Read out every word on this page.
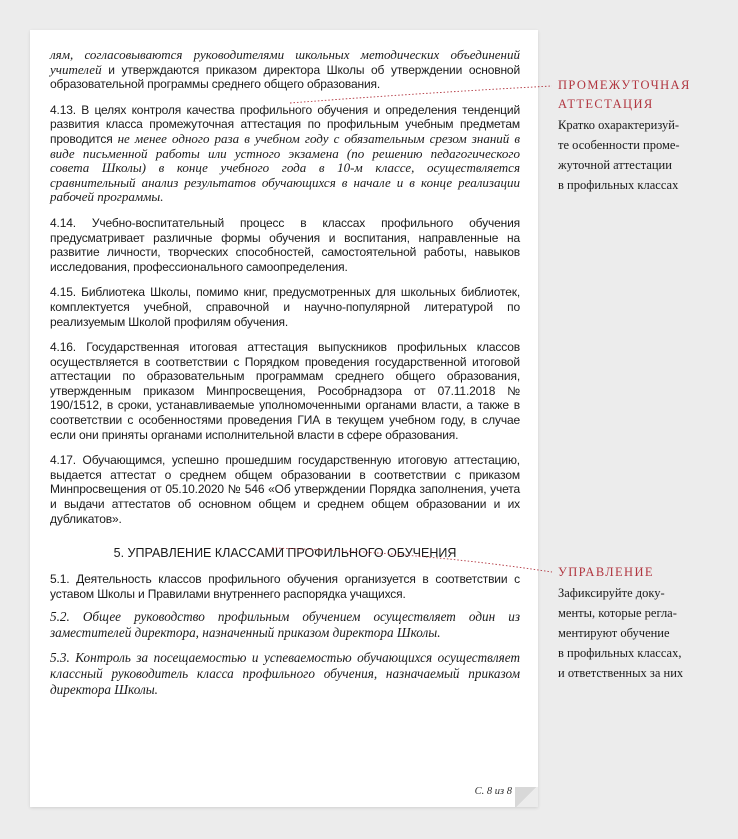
лям, согласовываются руководителями школьных методических объединений учителей и утверждаются приказом директора Школы об утверждении основной образовательной программы среднего общего образования.

4.13. В целях контроля качества профильного обучения и определения тенденций развития класса промежуточная аттестация по профильным учебным предметам проводится не менее одного раза в учебном году с обязательным срезом знаний в виде письменной работы или устного экзамена (по решению педагогического совета Школы) в конце учебного года в 10-м классе, осуществляется сравнительный анализ результатов обучающихся в начале и в конце реализации рабочей программы.

4.14. Учебно-воспитательный процесс в классах профильного обучения предусматривает различные формы обучения и воспитания, направленные на развитие личности, творческих способностей, самостоятельной работы, навыков исследования, профессионального самоопределения.

4.15. Библиотека Школы, помимо книг, предусмотренных для школьных библиотек, комплектуется учебной, справочной и научно-популярной литературой по реализуемым Школой профилям обучения.

4.16. Государственная итоговая аттестация выпускников профильных классов осуществляется в соответствии с Порядком проведения государственной итоговой аттестации по образовательным программам среднего общего образования, утвержденным приказом Минпросвещения, Рособрнадзора от 07.11.2018 № 190/1512, в сроки, устанавливаемые уполномоченными органами власти, а также в соответствии с особенностями проведения ГИА в текущем учебном году, в случае если они приняты органами исполнительной власти в сфере образования.

4.17. Обучающимся, успешно прошедшим государственную итоговую аттестацию, выдается аттестат о среднем общем образовании в соответствии с приказом Минпросвещения от 05.10.2020 № 546 «Об утверждении Порядка заполнения, учета и выдачи аттестатов об основном общем и среднем общем образовании и их дубликатов».

5. УПРАВЛЕНИЕ КЛАССАМИ ПРОФИЛЬНОГО ОБУЧЕНИЯ

5.1. Деятельность классов профильного обучения организуется в соответствии с уставом Школы и Правилами внутреннего распорядка учащихся.

5.2. Общее руководство профильным обучением осуществляет один из заместителей директора, назначенный приказом директора Школы.

5.3. Контроль за посещаемостью и успеваемостью обучающихся осуществляет классный руководитель класса профильного обучения, назначаемый приказом директора Школы.

С. 8 из 8
ПРОМЕЖУТОЧНАЯ
АТТЕСТАЦИЯ
Кратко охарактеризуй-
те особенности проме-
жуточной аттестации
в профильных классах
УПРАВЛЕНИЕ
Зафиксируйте доку-
менты, которые регла-
ментируют обучение
в профильных классах,
и ответственных за них
